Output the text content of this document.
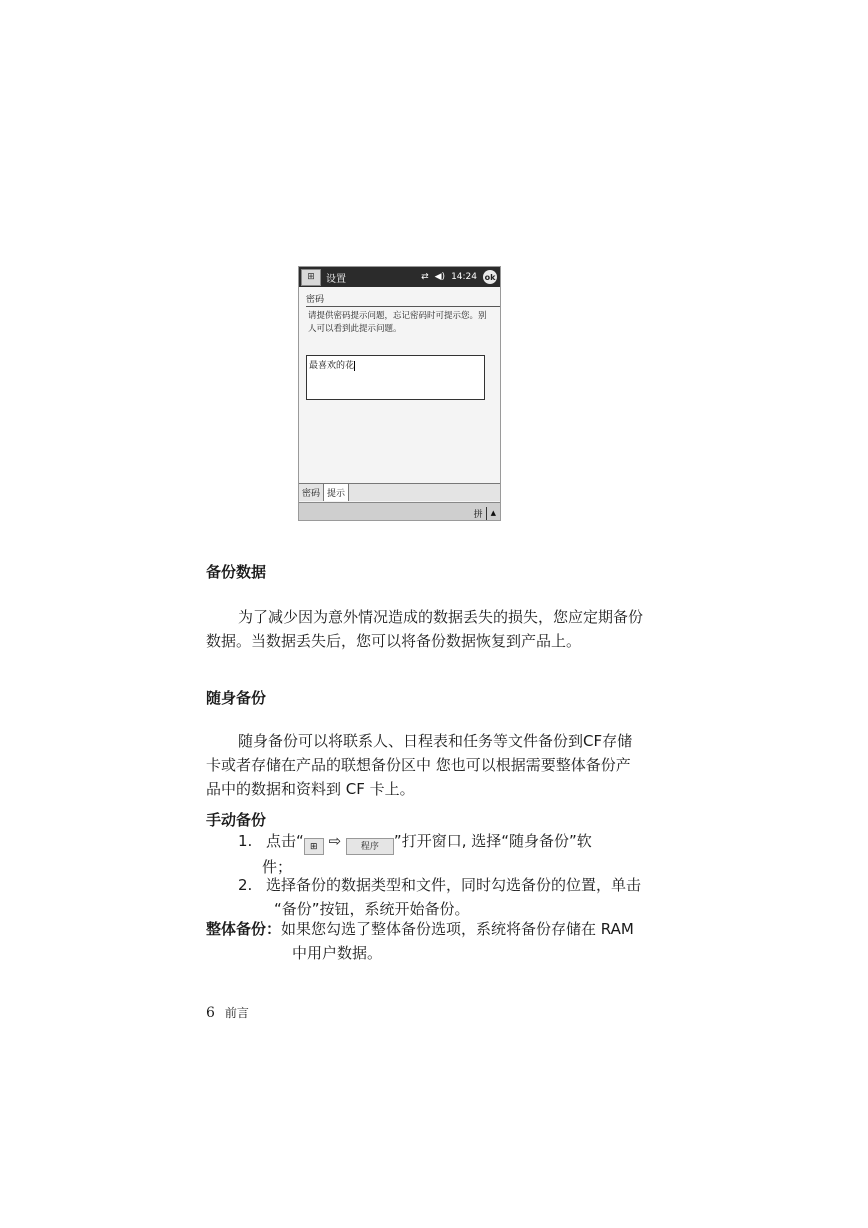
⊞	设置	⇄ ◀) 14:24 ok
密码
请提供密码提示问题，忘记密码时可提示您。别人可以看到此提示问题。
最喜欢的花
密码 提示
拼	▲
备份数据

为了减少因为意外情况造成的数据丢失的损失，您应定期备份数据。当数据丢失后，您可以将备份数据恢复到产品上。

随身备份

随身备份可以将联系人、日程表和任务等文件备份到CF存储卡或者存储在产品的联想备份区中 您也可以根据需要整体备份产品中的数据和资料到 CF 卡上。

手动备份
1. 点击“ ⊞ ⇨ 程序 ”打开窗口, 选择“随身备份”软
件；
2. 选择备份的数据类型和文件，同时勾选备份的位置，单击
“备份”按钮，系统开始备份。
整体备份：如果您勾选了整体备份选项，系统将备份存储在 RAM
中用户数据。
6 前言
